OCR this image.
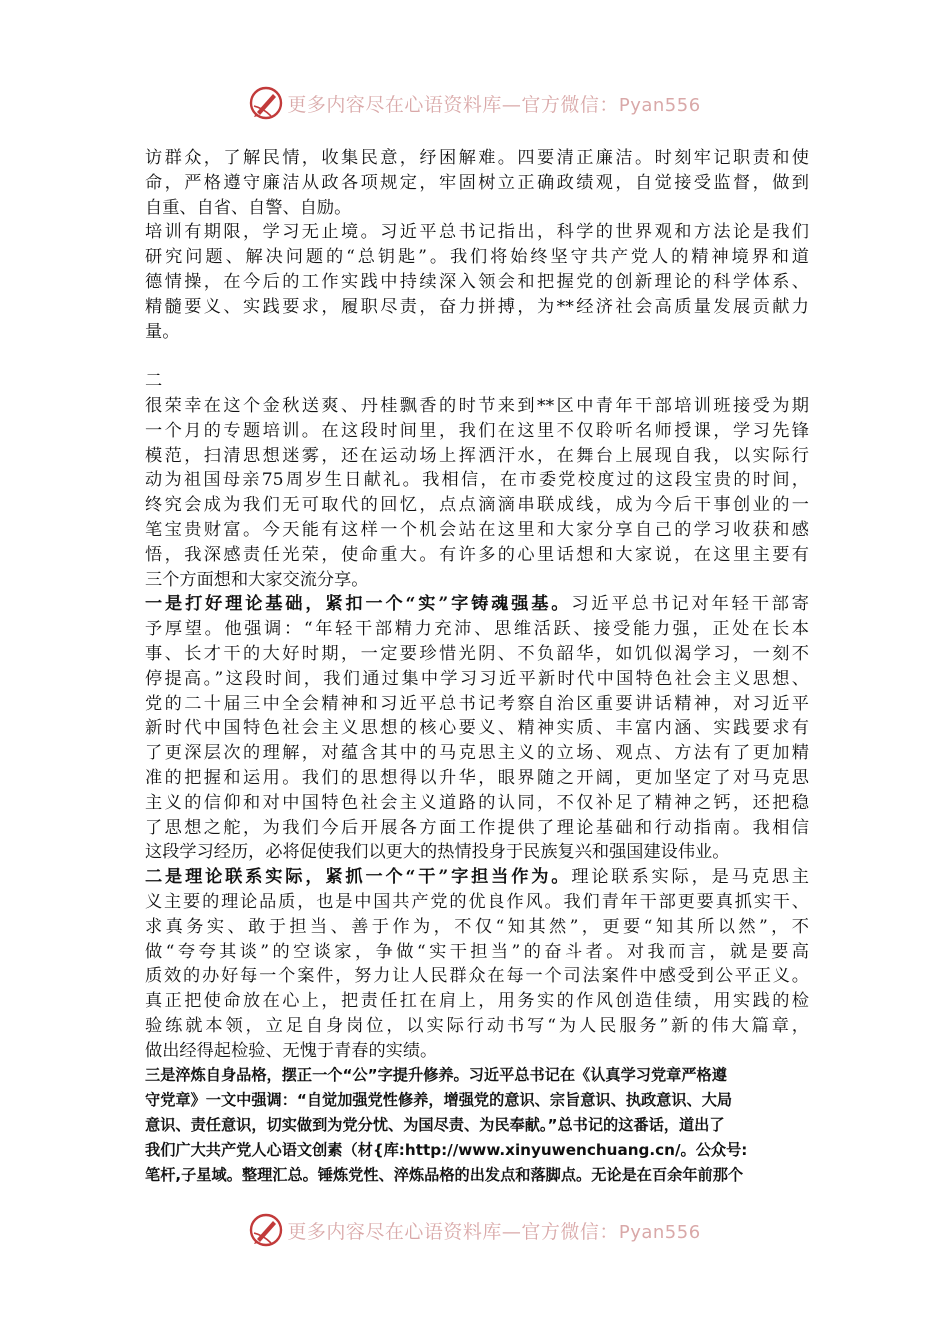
更多内容尽在心语资料库—官方微信：Pyan556
访群众，了解民情，收集民意，纾困解难。四要清正廉洁。时刻牢记职责和使
命，严格遵守廉洁从政各项规定，牢固树立正确政绩观，自觉接受监督，做到
自重、自省、自警、自励。
培训有期限，学习无止境。习近平总书记指出，科学的世界观和方法论是我们
研究问题、解决问题的“总钥匙”。我们将始终坚守共产党人的精神境界和道
德情操，在今后的工作实践中持续深入领会和把握党的创新理论的科学体系、
精髓要义、实践要求，履职尽责，奋力拼搏，为**经济社会高质量发展贡献力
量。
二
很荣幸在这个金秋送爽、丹桂飘香的时节来到**区中青年干部培训班接受为期
一个月的专题培训。在这段时间里，我们在这里不仅聆听名师授课，学习先锋
模范，扫清思想迷雾，还在运动场上挥洒汗水，在舞台上展现自我，以实际行
动为祖国母亲75周岁生日献礼。我相信，在市委党校度过的这段宝贵的时间，
终究会成为我们无可取代的回忆，点点滴滴串联成线，成为今后干事创业的一
笔宝贵财富。今天能有这样一个机会站在这里和大家分享自己的学习收获和感
悟，我深感责任光荣，使命重大。有许多的心里话想和大家说，在这里主要有
三个方面想和大家交流分享。
一是打好理论基础，紧扣一个“实”字铸魂强基。习近平总书记对年轻干部寄
予厚望。他强调：“年轻干部精力充沛、思维活跃、接受能力强，正处在长本
事、长才干的大好时期，一定要珍惜光阴、不负韶华，如饥似渴学习，一刻不
停提高。”这段时间，我们通过集中学习习近平新时代中国特色社会主义思想、
党的二十届三中全会精神和习近平总书记考察自治区重要讲话精神，对习近平
新时代中国特色社会主义思想的核心要义、精神实质、丰富内涵、实践要求有
了更深层次的理解，对蕴含其中的马克思主义的立场、观点、方法有了更加精
准的把握和运用。我们的思想得以升华，眼界随之开阔，更加坚定了对马克思
主义的信仰和对中国特色社会主义道路的认同，不仅补足了精神之钙，还把稳
了思想之舵，为我们今后开展各方面工作提供了理论基础和行动指南。我相信
这段学习经历，必将促使我们以更大的热情投身于民族复兴和强国建设伟业。
二是理论联系实际，紧抓一个“干”字担当作为。理论联系实际，是马克思主
义主要的理论品质，也是中国共产党的优良作风。我们青年干部更要真抓实干、
求真务实、敢于担当、善于作为，不仅“知其然”，更要“知其所以然”，不
做“夸夸其谈”的空谈家，争做“实干担当”的奋斗者。对我而言，就是要高
质效的办好每一个案件，努力让人民群众在每一个司法案件中感受到公平正义。
真正把使命放在心上，把责任扛在肩上，用务实的作风创造佳绩，用实践的检
验练就本领，立足自身岗位，以实际行动书写“为人民服务”新的伟大篇章，
做出经得起检验、无愧于青春的实绩。
三是淬炼自身品格，摆正一个“公”字提升修养。习近平总书记在《认真学习党章严格遵
守党章》一文中强调：“自觉加强党性修养，增强党的意识、宗旨意识、执政意识、大局
意识、责任意识，切实做到为党分忧、为国尽责、为民奉献。”总书记的这番话，道出了
我们广大共产党人心语文创素（材{库:http://www.xinyuwenchuang.cn/。公众号:
笔杆,子星域。整理汇总。锤炼党性、淬炼品格的出发点和落脚点。无论是在百余年前那个
更多内容尽在心语资料库—官方微信：Pyan556
